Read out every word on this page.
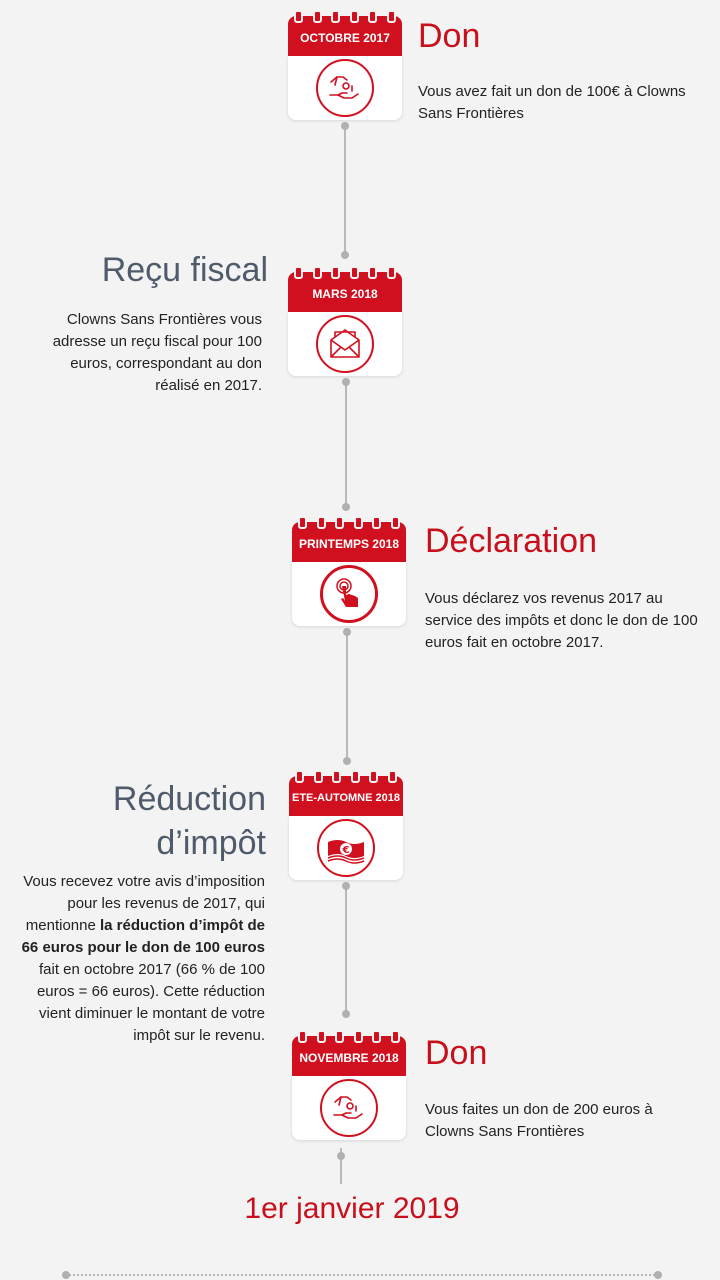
OCTOBRE 2017 Don
Vous avez fait un don de 100€ à Clowns Sans Frontières
Reçu fiscal
Clowns Sans Frontières vous adresse un reçu fiscal pour 100 euros, correspondant au don réalisé en 2017.
MARS 2018
PRINTEMPS 2018 Déclaration
Vous déclarez vos revenus 2017 au service des impôts et donc le don de 100 euros fait en octobre 2017.
Réduction d’impôt
Vous recevez votre avis d’imposition pour les revenus de 2017, qui mentionne la réduction d’impôt de 66 euros pour le don de 100 euros fait en octobre 2017 (66 % de 100 euros = 66 euros). Cette réduction vient diminuer le montant de votre impôt sur le revenu.
ETE-AUTOMNE 2018
€
NOVEMBRE 2018 Don
Vous faites un don de 200 euros à Clowns Sans Frontières
1er janvier 2019
